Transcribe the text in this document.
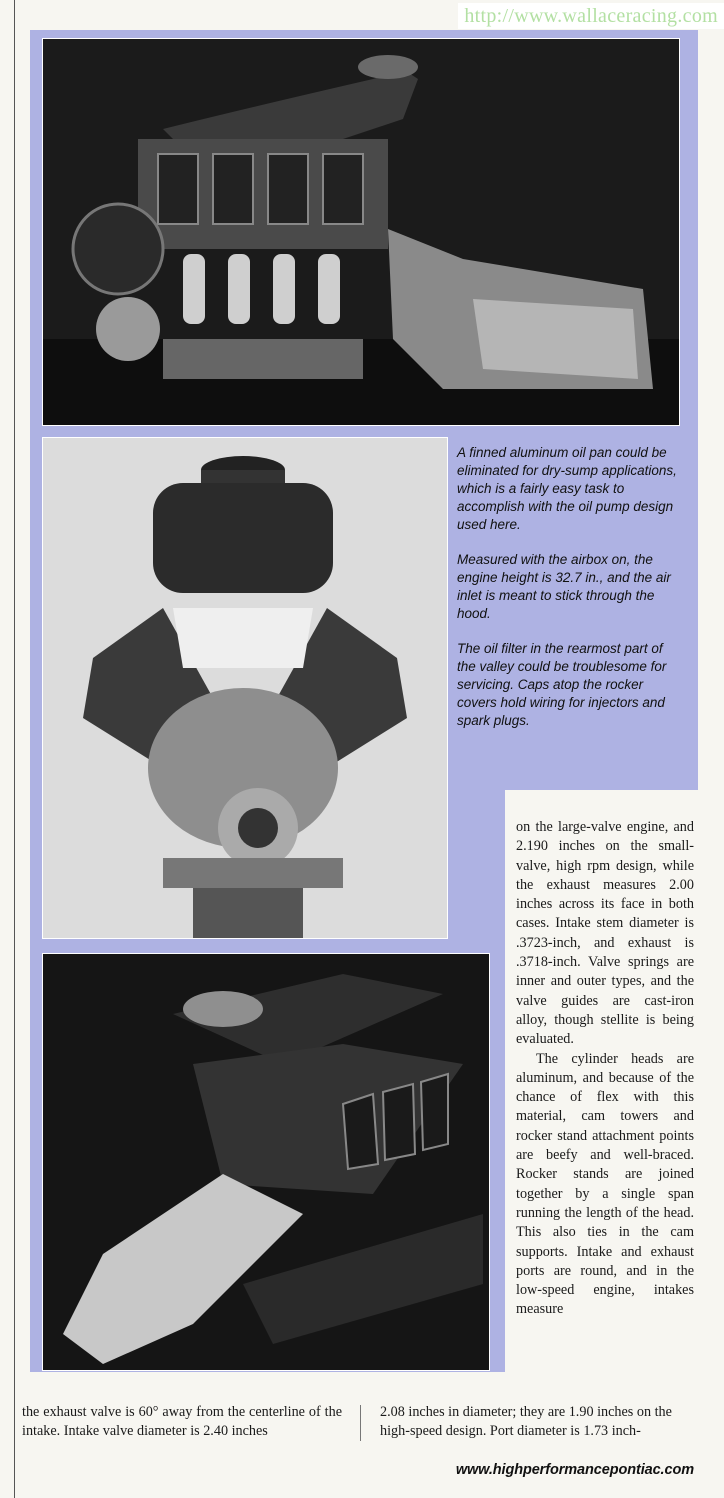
http://www.wallaceracing.com

A finned aluminum oil pan could be eliminated for dry-sump applications, which is a fairly easy task to accomplish with the oil pump design used here.

Measured with the airbox on, the engine height is 32.7 in., and the air inlet is meant to stick through the hood.

The oil filter in the rearmost part of the valley could be troublesome for servicing. Caps atop the rocker covers hold wiring for injectors and spark plugs.

on the large-valve engine, and 2.190 inches on the small-valve, high rpm design, while the exhaust measures 2.00 inches across its face in both cases. Intake stem diameter is .3723-inch, and exhaust is .3718-inch. Valve springs are inner and outer types, and the valve guides are cast-iron alloy, though stellite is being evaluated.

The cylinder heads are aluminum, and because of the chance of flex with this material, cam towers and rocker stand attachment points are beefy and well-braced. Rocker stands are joined together by a single span running the length of the head. This also ties in the cam supports. Intake and exhaust ports are round, and in the low-speed engine, intakes measure

the exhaust valve is 60° away from the centerline of the intake. Intake valve diameter is 2.40 inches
2.08 inches in diameter; they are 1.90 inches on the high-speed design. Port diameter is 1.73 inch-
www.highperformancepontiac.com
